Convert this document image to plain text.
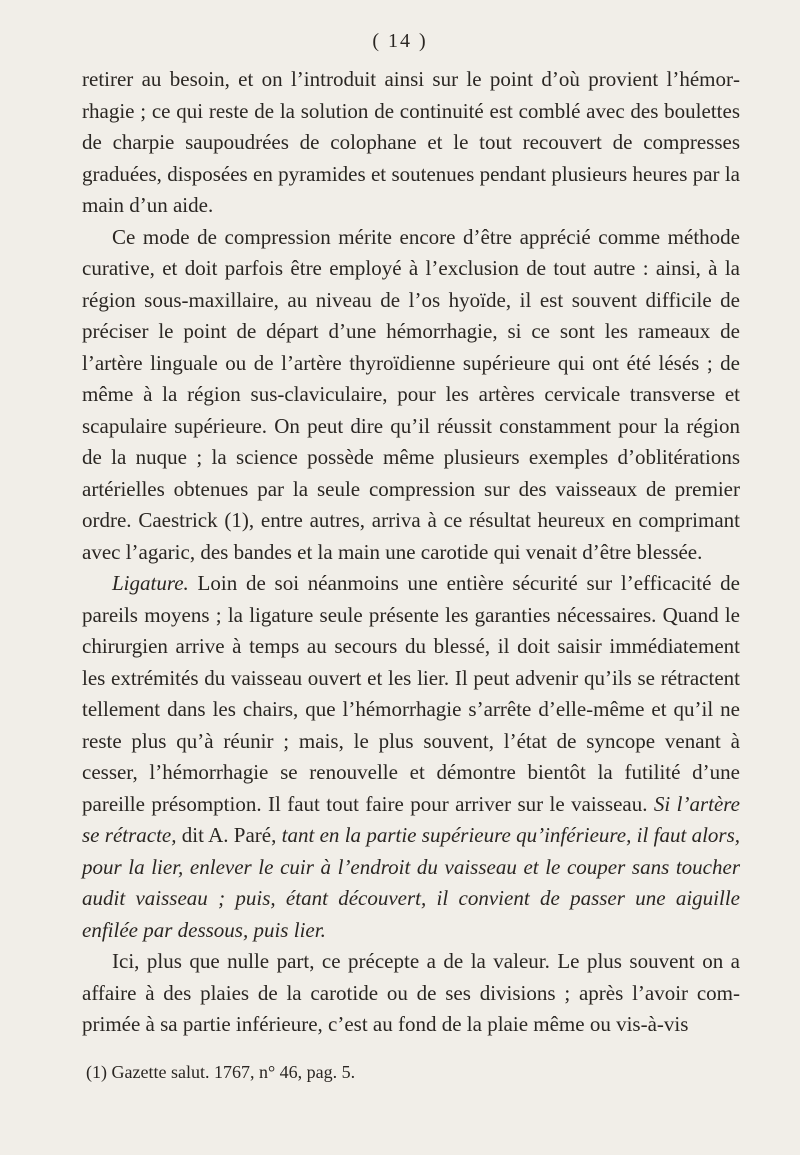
( 14 )

retirer au besoin, et on l’introduit ainsi sur le point d’où provient l’hémorrhagie ; ce qui reste de la solution de continuité est comblé avec des boulettes de charpie saupoudrées de colophane et le tout recouvert de compresses graduées, disposées en pyramides et soutenues pendant plusieurs heures par la main d’un aide.

Ce mode de compression mérite encore d’être apprécié comme méthode curative, et doit parfois être employé à l’exclusion de tout autre : ainsi, à la région sous-maxillaire, au niveau de l’os hyoïde, il est souvent difficile de préciser le point de départ d’une hémorrhagie, si ce sont les rameaux de l’artère linguale ou de l’artère thyroïdienne supérieure qui ont été lésés ; de même à la région sus-claviculaire, pour les artères cervicale transverse et scapulaire supérieure. On peut dire qu’il réussit constamment pour la région de la nuque ; la science possède même plusieurs exemples d’oblitérations artérielles obtenues par la seule compression sur des vaisseaux de premier ordre. Caestrick (1), entre autres, arriva à ce résultat heureux en comprimant avec l’agaric, des bandes et la main une carotide qui venait d’être blessée.

Ligature. Loin de soi néanmoins une entière sécurité sur l’efficacité de pareils moyens ; la ligature seule présente les garanties nécessaires. Quand le chirurgien arrive à temps au secours du blessé, il doit saisir immédiatement les extrémités du vaisseau ouvert et les lier. Il peut advenir qu’ils se rétractent tellement dans les chairs, que l’hémorrhagie s’arrête d’elle-même et qu’il ne reste plus qu’à réunir ; mais, le plus souvent, l’état de syncope venant à cesser, l’hémorrhagie se renouvelle et démontre bientôt la futilité d’une pareille présomption. Il faut tout faire pour arriver sur le vaisseau. Si l’artère se rétracte, dit A. Paré, tant en la partie supérieure qu’inférieure, il faut alors, pour la lier, enlever le cuir à l’endroit du vaisseau et le couper sans toucher audit vaisseau ; puis, étant découvert, il convient de passer une aiguille enfilée par dessous, puis lier.

Ici, plus que nulle part, ce précepte a de la valeur. Le plus souvent on a affaire à des plaies de la carotide ou de ses divisions ; après l’avoir comprimée à sa partie inférieure, c’est au fond de la plaie même ou vis-à-vis

(1) Gazette salut. 1767, n° 46, pag. 5.
